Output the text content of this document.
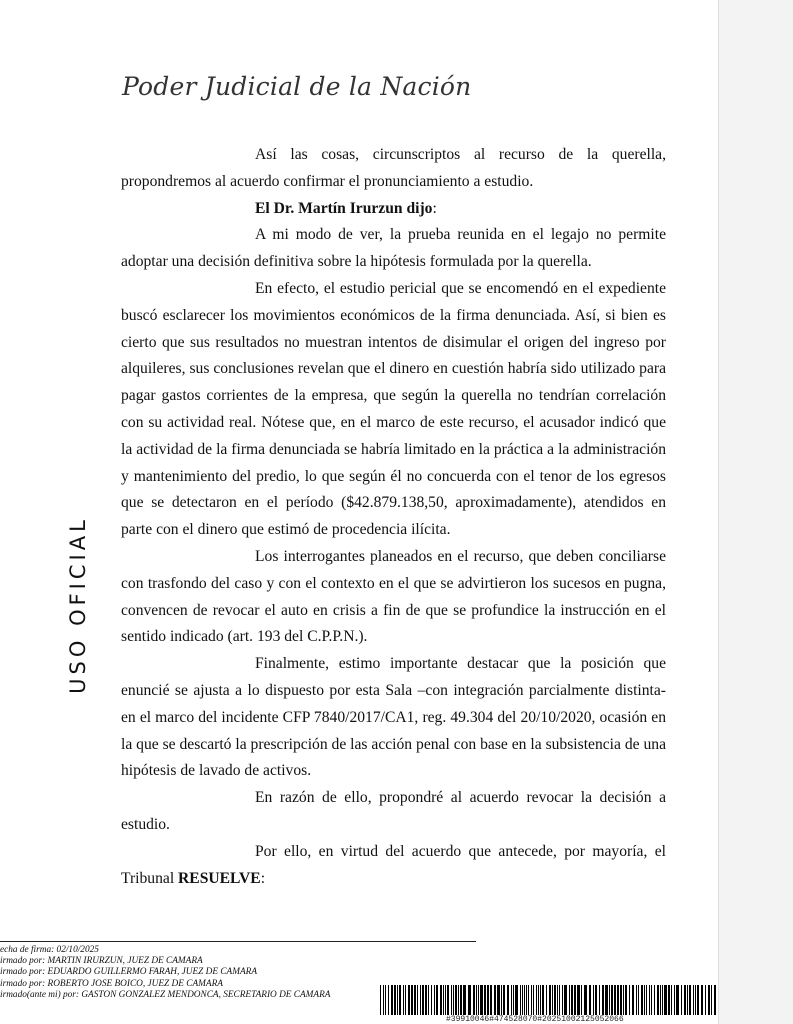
Poder Judicial de la Nación
USO OFICIAL

Así las cosas, circunscriptos al recurso de la querella, propondremos al acuerdo confirmar el pronunciamiento a estudio.

El Dr. Martín Irurzun dijo:

A mi modo de ver, la prueba reunida en el legajo no permite adoptar una decisión definitiva sobre la hipótesis formulada por la querella.

En efecto, el estudio pericial que se encomendó en el expediente buscó esclarecer los movimientos económicos de la firma denunciada. Así, si bien es cierto que sus resultados no muestran intentos de disimular el origen del ingreso por alquileres, sus conclusiones revelan que el dinero en cuestión habría sido utilizado para pagar gastos corrientes de la empresa, que según la querella no tendrían correlación con su actividad real. Nótese que, en el marco de este recurso, el acusador indicó que la actividad de la firma denunciada se habría limitado en la práctica a la administración y mantenimiento del predio, lo que según él no concuerda con el tenor de los egresos que se detectaron en el período ($42.879.138,50, aproximadamente), atendidos en parte con el dinero que estimó de procedencia ilícita.

Los interrogantes planeados en el recurso, que deben conciliarse con trasfondo del caso y con el contexto en el que se advirtieron los sucesos en pugna, convencen de revocar el auto en crisis a fin de que se profundice la instrucción en el sentido indicado (art. 193 del C.P.P.N.).

Finalmente, estimo importante destacar que la posición que enuncié se ajusta a lo dispuesto por esta Sala –con integración parcialmente distinta- en el marco del incidente CFP 7840/2017/CA1, reg. 49.304 del 20/10/2020, ocasión en la que se descartó la prescripción de las acción penal con base en la subsistencia de una hipótesis de lavado de activos.

En razón de ello, propondré al acuerdo revocar la decisión a estudio.

Por ello, en virtud del acuerdo que antecede, por mayoría, el Tribunal RESUELVE:

echa de firma: 02/10/2025
irmado por: MARTIN IRURZUN, JUEZ DE CAMARA
irmado por: EDUARDO GUILLERMO FARAH, JUEZ DE CAMARA
irmado por: ROBERTO JOSE BOICO, JUEZ DE CAMARA
irmado(ante mi) por: GASTON GONZALEZ MENDONCA, SECRETARIO DE CAMARA
#39910046#474528070#20251002125052066
